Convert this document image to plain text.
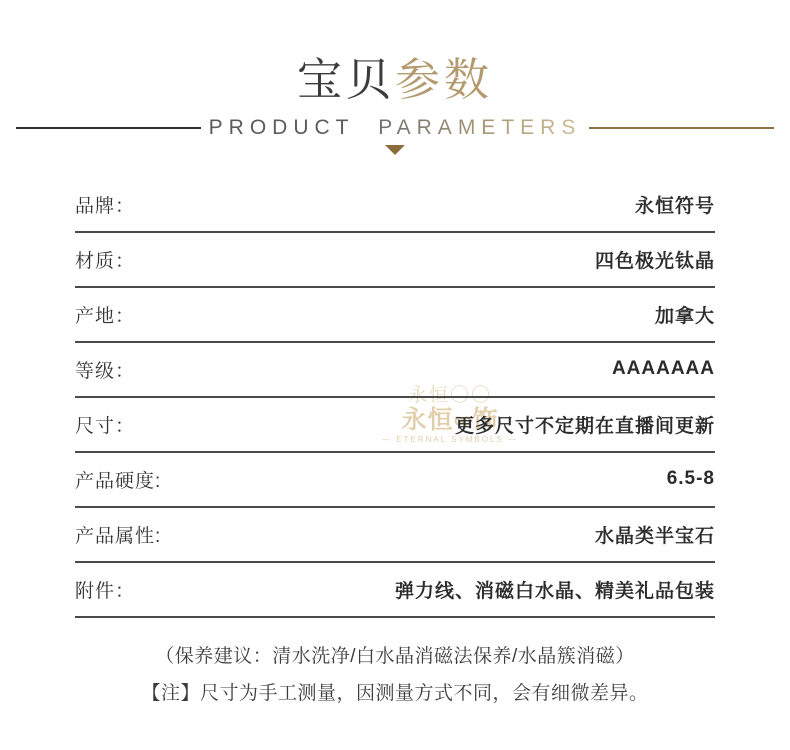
宝贝参数
PRODUCT PARAMETERS
永恒〇〇
永恒∞饰
— ETERNAL SYMBOLS —
品牌：	永恒符号
材质：	四色极光钛晶
产地：	加拿大
等级：	AAAAAAA
尺寸：	更多尺寸不定期在直播间更新
产品硬度:	6.5-8
产品属性:	水晶类半宝石
附件：	弹力线、消磁白水晶、精美礼品包装

（保养建议：清水洗净/白水晶消磁法保养/水晶簇消磁）

【注】尺寸为手工测量，因测量方式不同，会有细微差异。
